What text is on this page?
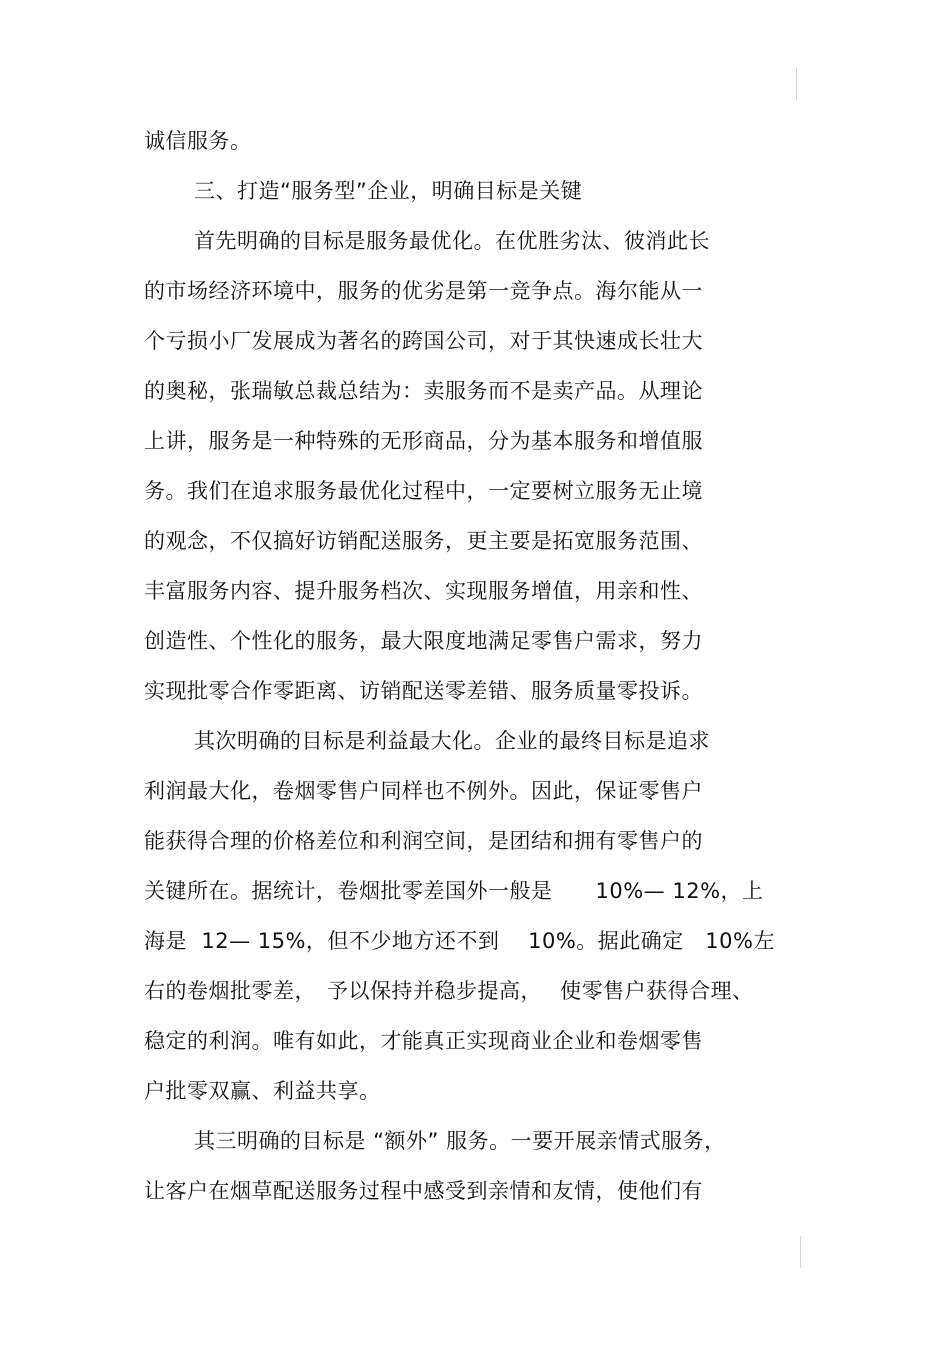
诚信服务。
三、打造“服务型”企业，明确目标是关键
首先明确的目标是服务最优化。在优胜劣汰、彼消此长
的市场经济环境中，服务的优劣是第一竞争点。海尔能从一
个亏损小厂发展成为著名的跨国公司，对于其快速成长壮大
的奥秘，张瑞敏总裁总结为：卖服务而不是卖产品。从理论
上讲，服务是一种特殊的无形商品，分为基本服务和增值服
务。我们在追求服务最优化过程中，一定要树立服务无止境
的观念，不仅搞好访销配送服务，更主要是拓宽服务范围、
丰富服务内容、提升服务档次、实现服务增值，用亲和性、
创造性、个性化的服务，最大限度地满足零售户需求，努力
实现批零合作零距离、访销配送零差错、服务质量零投诉。
其次明确的目标是利益最大化。企业的最终目标是追求
利润最大化，卷烟零售户同样也不例外。因此，保证零售户
能获得合理的价格差位和利润空间，是团结和拥有零售户的
关键所在。据统计，卷烟批零差国外一般是　　10%— 12%，上
海是  12— 15%，但不少地方还不到　 10%。据此确定　10%左
右的卷烟批零差，　予以保持并稳步提高，　 使零售户获得合理、
稳定的利润。唯有如此，才能真正实现商业企业和卷烟零售
户批零双赢、利益共享。
其三明确的目标是 “额外” 服务。一要开展亲情式服务，
让客户在烟草配送服务过程中感受到亲情和友情，使他们有
